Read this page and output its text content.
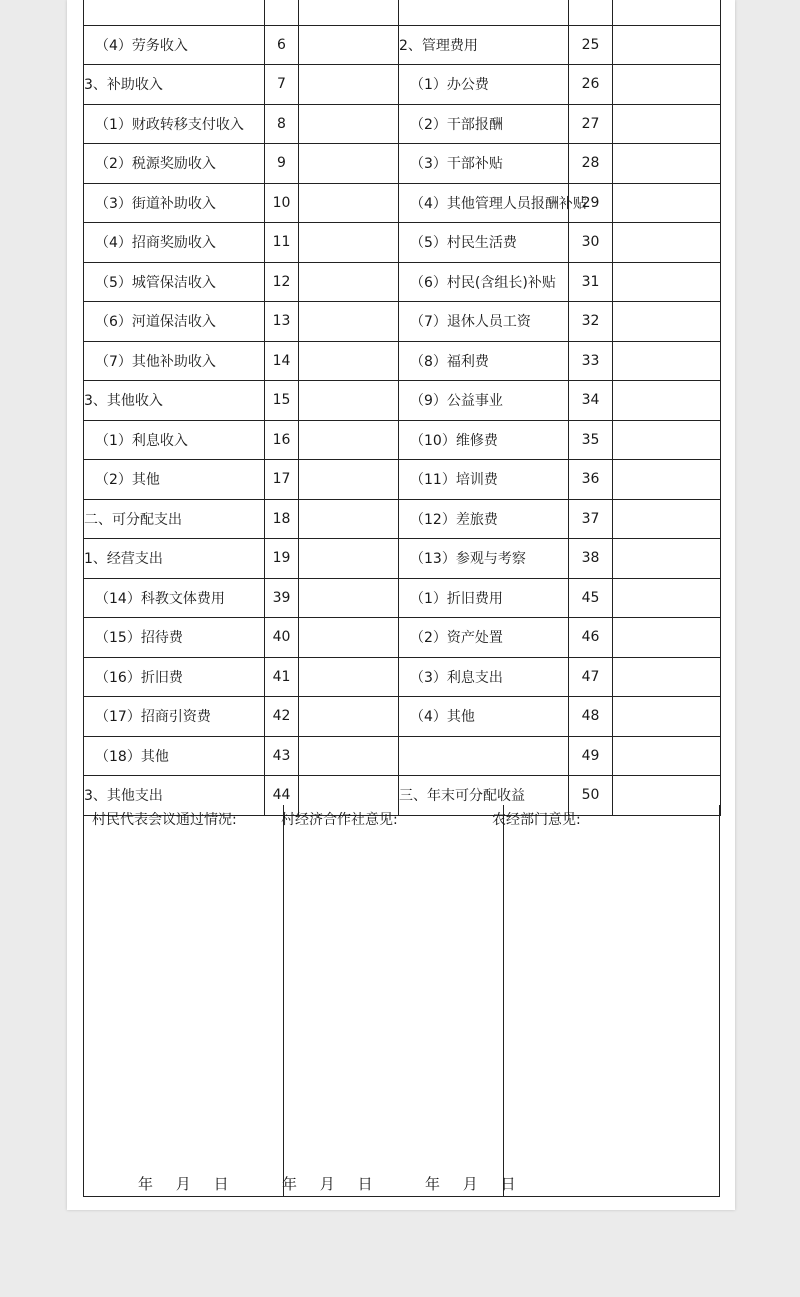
（4）劳务收入	6		2、管理费用	25	
3、补助收入	7		（1）办公费	26	
（1）财政转移支付收入	8		（2）干部报酬	27	
（2）税源奖励收入	9		（3）干部补贴	28	
（3）街道补助收入	10		（4）其他管理人员报酬补贴	29	
（4）招商奖励收入	11		（5）村民生活费	30	
（5）城管保洁收入	12		（6）村民(含组长)补贴	31	
（6）河道保洁收入	13		（7）退休人员工资	32	
（7）其他补助收入	14		（8）福利费	33	
3、其他收入	15		（9）公益事业	34	
（1）利息收入	16		（10）维修费	35	
（2）其他	17		（11）培训费	36	
二、可分配支出	18		（12）差旅费	37	
1、经营支出	19		（13）参观与考察	38	
（14）科教文体费用	39		（1）折旧费用	45	
（15）招待费	40		（2）资产处置	46	
（16）折旧费	41		（3）利息支出	47	
（17）招商引资费	42		（4）其他	48	
（18）其他	43			49	
3、其他支出	44		三、年末可分配收益	50	
村民代表会议通过情况:	村经济合作社意见:	农经部门意见:
年 月 日	年 月 日	年 月 日
